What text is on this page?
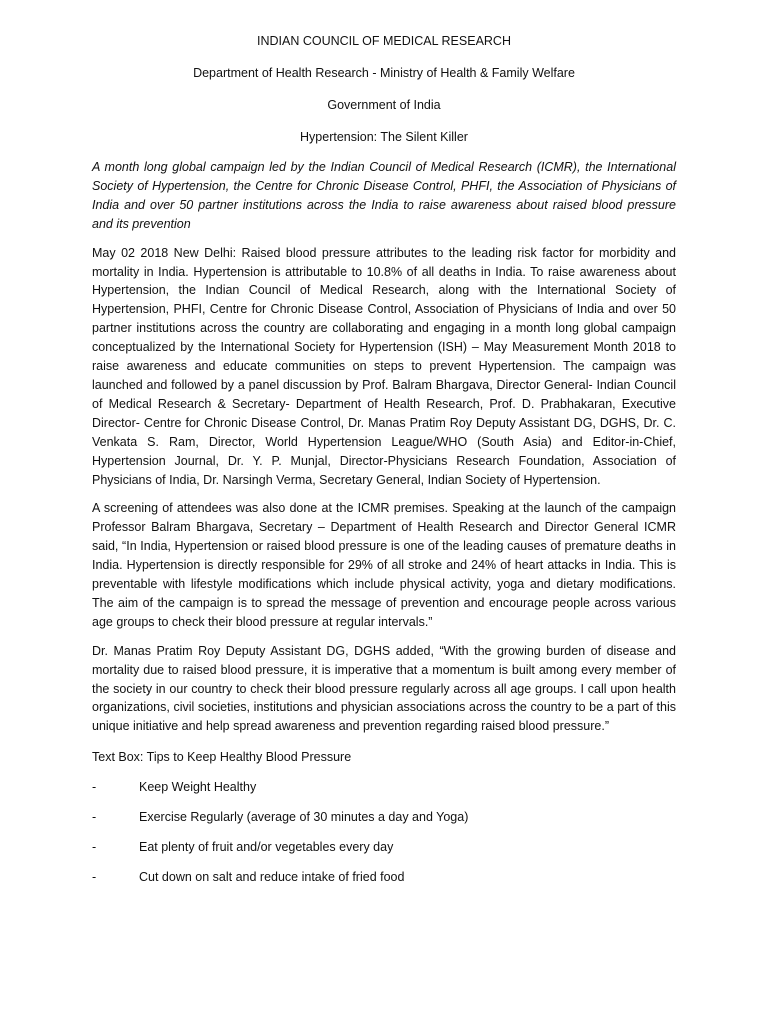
INDIAN COUNCIL OF MEDICAL RESEARCH

Department of Health Research - Ministry of Health & Family Welfare

Government of India

Hypertension: The Silent Killer

A month long global campaign led by the Indian Council of Medical Research (ICMR), the International Society of Hypertension, the Centre for Chronic Disease Control, PHFI, the Association of Physicians of India and over 50 partner institutions across the India to raise awareness about raised blood pressure and its prevention

May 02 2018 New Delhi: Raised blood pressure attributes to the leading risk factor for morbidity and mortality in India. Hypertension is attributable to 10.8% of all deaths in India. To raise awareness about Hypertension, the Indian Council of Medical Research, along with the International Society of Hypertension, PHFI, Centre for Chronic Disease Control, Association of Physicians of India and over 50 partner institutions across the country are collaborating and engaging in a month long global campaign conceptualized by the International Society for Hypertension (ISH) – May Measurement Month 2018 to raise awareness and educate communities on steps to prevent Hypertension. The campaign was launched and followed by a panel discussion by Prof. Balram Bhargava, Director General- Indian Council of Medical Research & Secretary- Department of Health Research, Prof. D. Prabhakaran, Executive Director- Centre for Chronic Disease Control, Dr. Manas Pratim Roy Deputy Assistant DG, DGHS, Dr. C. Venkata S. Ram, Director, World Hypertension League/WHO (South Asia) and Editor-in-Chief, Hypertension Journal, Dr. Y. P. Munjal, Director-Physicians Research Foundation, Association of Physicians of India, Dr. Narsingh Verma, Secretary General, Indian Society of Hypertension.

A screening of attendees was also done at the ICMR premises. Speaking at the launch of the campaign Professor Balram Bhargava, Secretary – Department of Health Research and Director General ICMR said, “In India, Hypertension or raised blood pressure is one of the leading causes of premature deaths in India. Hypertension is directly responsible for 29% of all stroke and 24% of heart attacks in India. This is preventable with lifestyle modifications which include physical activity, yoga and dietary modifications. The aim of the campaign is to spread the message of prevention and encourage people across various age groups to check their blood pressure at regular intervals.”

Dr. Manas Pratim Roy Deputy Assistant DG, DGHS added, “With the growing burden of disease and mortality due to raised blood pressure, it is imperative that a momentum is built among every member of the society in our country to check their blood pressure regularly across all age groups. I call upon health organizations, civil societies, institutions and physician associations across the country to be a part of this unique initiative and help spread awareness and prevention regarding raised blood pressure.”

Text Box: Tips to Keep Healthy Blood Pressure

-	Keep Weight Healthy
-	Exercise Regularly (average of 30 minutes a day and Yoga)
-	Eat plenty of fruit and/or vegetables every day
-	Cut down on salt and reduce intake of fried food
